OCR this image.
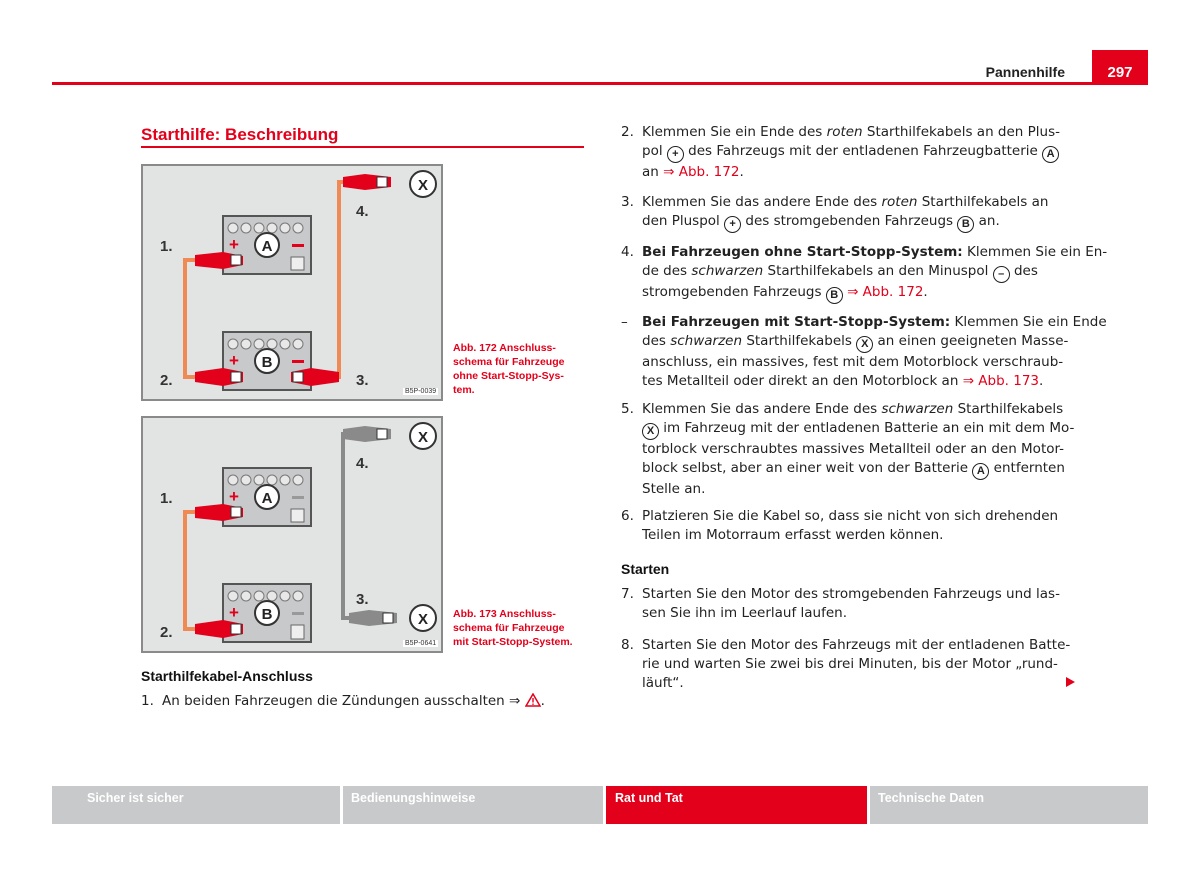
Pannenhilfe	297
Starthilfe: Beschreibung
+ A
+ B
X
1.
2.	3.
4.
B5P-0039
Abb. 172 Anschluss-
schema für Fahrzeuge
ohne Start-Stopp-Sys-
tem.
+ A
+ B
X
X
1.
2.
3.
4.
B5P-0641
Abb. 173 Anschluss-
schema für Fahrzeuge
mit Start-Stopp-System.
Starthilfekabel-Anschluss
1. An beiden Fahrzeugen die Zündungen ausschalten ⇒ .
2. Klemmen Sie ein Ende des roten Starthilfekabels an den Plus-
pol + des Fahrzeugs mit der entladenen Fahrzeugbatterie A
an ⇒ Abb. 172.
3. Klemmen Sie das andere Ende des roten Starthilfekabels an
den Pluspol + des stromgebenden Fahrzeugs B an.
4. Bei Fahrzeugen ohne Start-Stopp-System: Klemmen Sie ein En-
de des schwarzen Starthilfekabels an den Minuspol – des
stromgebenden Fahrzeugs B ⇒ Abb. 172.
– Bei Fahrzeugen mit Start-Stopp-System: Klemmen Sie ein Ende
des schwarzen Starthilfekabels X an einen geeigneten Masse-
anschluss, ein massives, fest mit dem Motorblock verschraub-
tes Metallteil oder direkt an den Motorblock an ⇒ Abb. 173.
5. Klemmen Sie das andere Ende des schwarzen Starthilfekabels
X im Fahrzeug mit der entladenen Batterie an ein mit dem Mo-
torblock verschraubtes massives Metallteil oder an den Motor-
block selbst, aber an einer weit von der Batterie A entfernten
Stelle an.
6. Platzieren Sie die Kabel so, dass sie nicht von sich drehenden
Teilen im Motorraum erfasst werden können.
Starten
7. Starten Sie den Motor des stromgebenden Fahrzeugs und las-
sen Sie ihn im Leerlauf laufen.
8. Starten Sie den Motor des Fahrzeugs mit der entladenen Batte-
rie und warten Sie zwei bis drei Minuten, bis der Motor „rund-
läuft“.
Sicher ist sicher	Bedienungshinweise	Rat und Tat	Technische Daten
